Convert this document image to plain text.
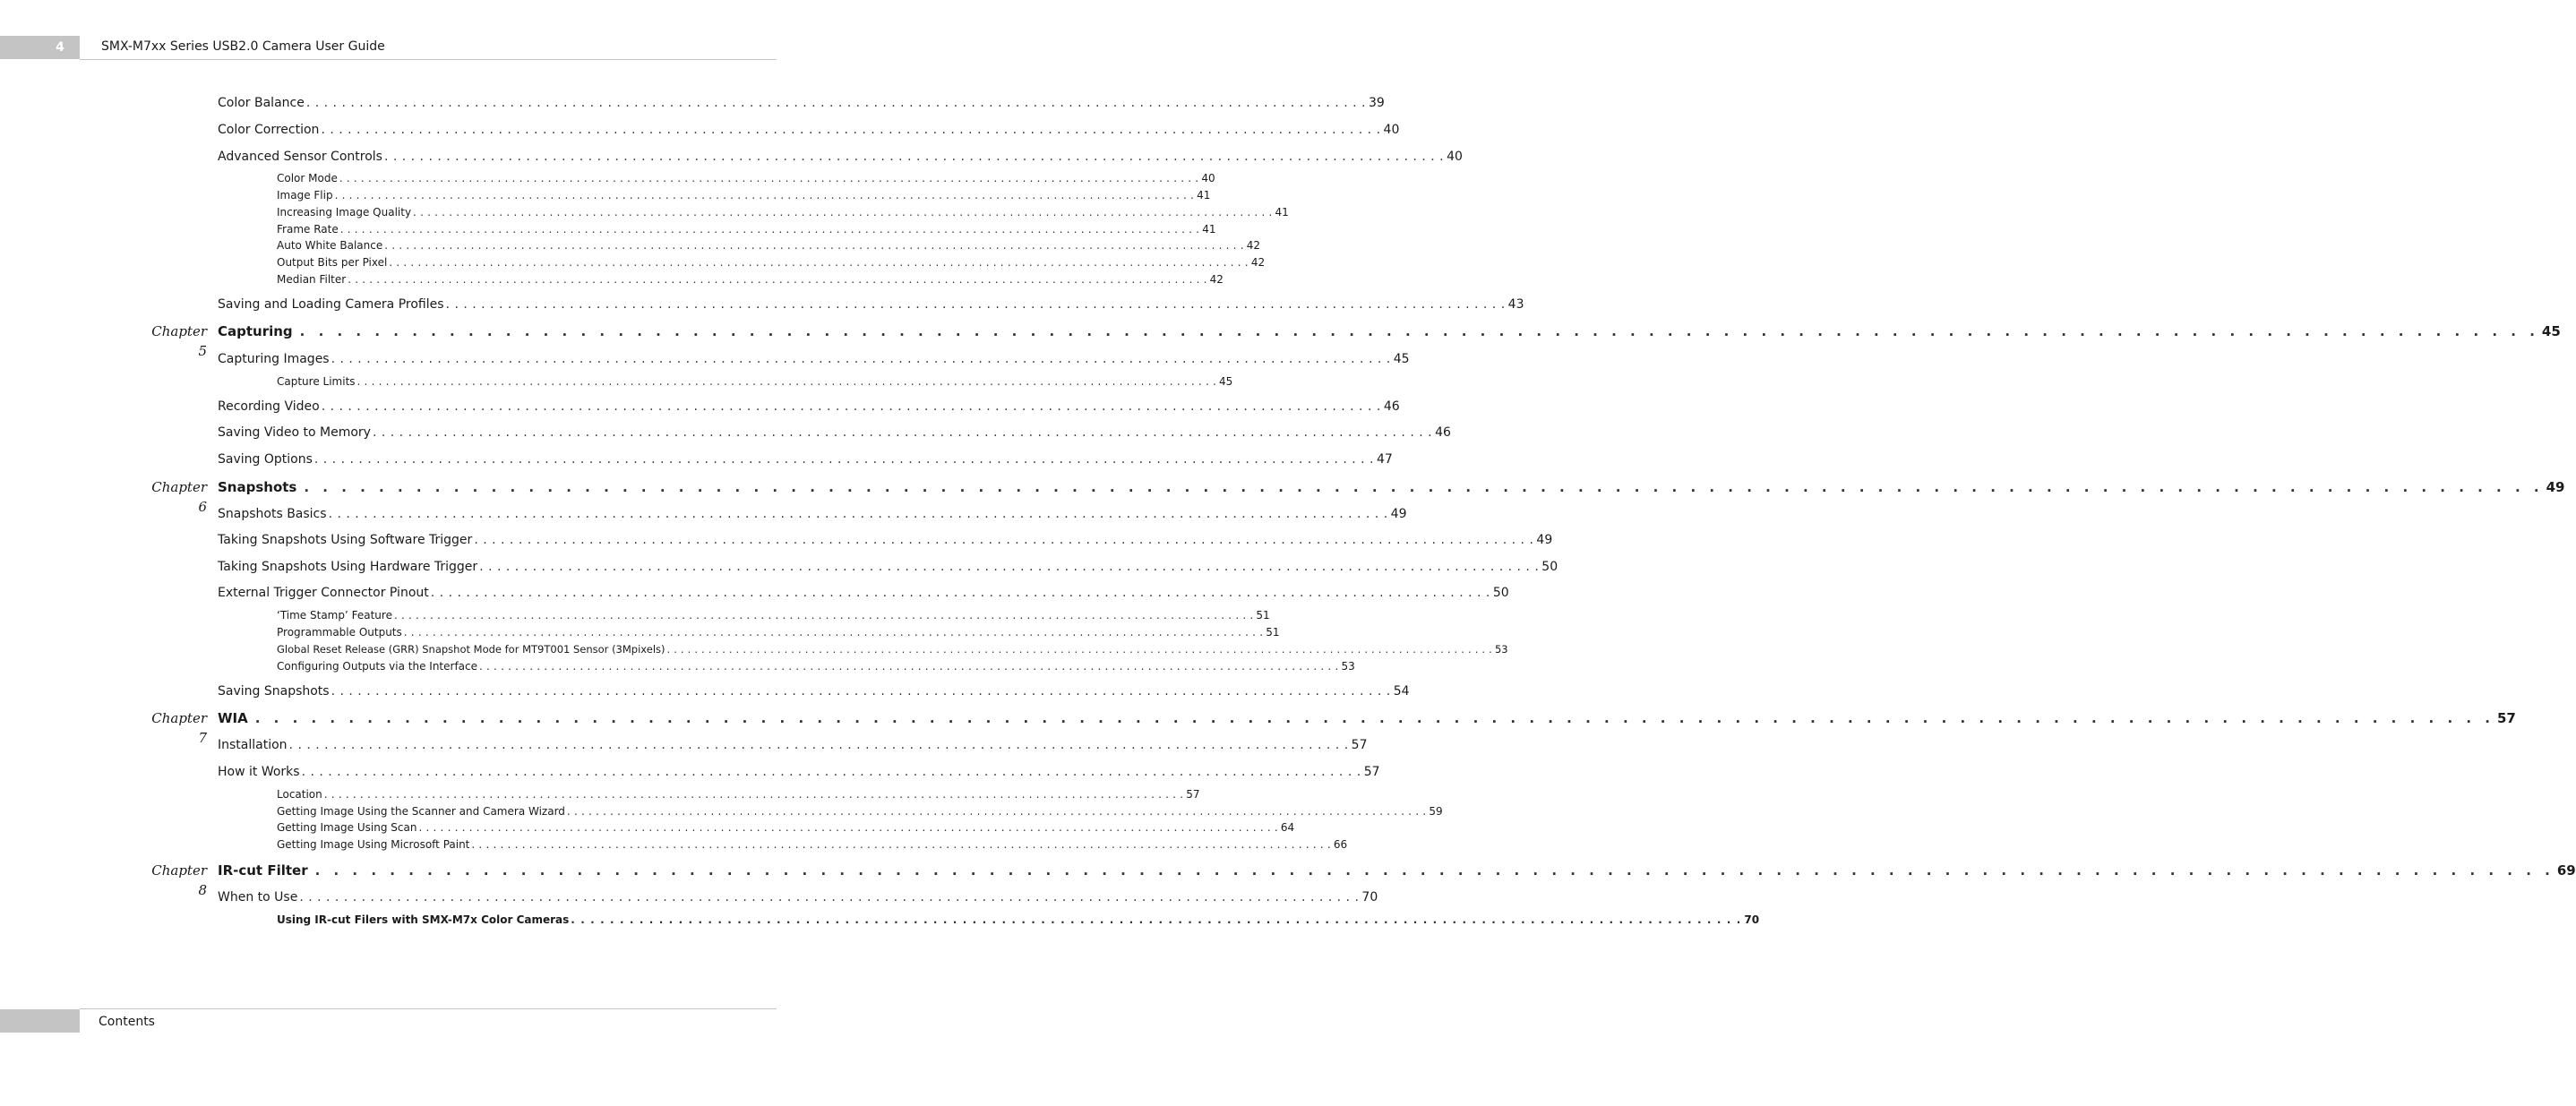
4	SMX-M7xx Series USB2.0 Camera User Guide
Color Balance . . . . . . . . . . . . . . . . . . . . . . . . . . . . . . . . . . . . . . . . . . . . . . . . . . . . . . . . . . . . . . . . . . . . . . . . . . . . . . . . . . . . . . . . . . . . . . . . . . . . . . . . . . . . . . . . . . . . . . . . 39
Color Correction . . . . . . . . . . . . . . . . . . . . . . . . . . . . . . . . . . . . . . . . . . . . . . . . . . . . . . . . . . . . . . . . . . . . . . . . . . . . . . . . . . . . . . . . . . . . . . . . . . . . . . . . . . . . . . . . . . . . . . . . 40
Advanced Sensor Controls . . . . . . . . . . . . . . . . . . . . . . . . . . . . . . . . . . . . . . . . . . . . . . . . . . . . . . . . . . . . . . . . . . . . . . . . . . . . . . . . . . . . . . . . . . . . . . . . . . . . . . . . . . . . . . . . . . . . . . . . 40
Color Mode . . . . . . . . . . . . . . . . . . . . . . . . . . . . . . . . . . . . . . . . . . . . . . . . . . . . . . . . . . . . . . . . . . . . . . . . . . . . . . . . . . . . . . . . . . . . . . . . . . . . . . . . . . . . . . . . . . . . . . . . 40
Image Flip . . . . . . . . . . . . . . . . . . . . . . . . . . . . . . . . . . . . . . . . . . . . . . . . . . . . . . . . . . . . . . . . . . . . . . . . . . . . . . . . . . . . . . . . . . . . . . . . . . . . . . . . . . . . . . . . . . . . . . . . 41
Increasing Image Quality . . . . . . . . . . . . . . . . . . . . . . . . . . . . . . . . . . . . . . . . . . . . . . . . . . . . . . . . . . . . . . . . . . . . . . . . . . . . . . . . . . . . . . . . . . . . . . . . . . . . . . . . . . . . . . . . . . . . . . . . 41
Frame Rate . . . . . . . . . . . . . . . . . . . . . . . . . . . . . . . . . . . . . . . . . . . . . . . . . . . . . . . . . . . . . . . . . . . . . . . . . . . . . . . . . . . . . . . . . . . . . . . . . . . . . . . . . . . . . . . . . . . . . . . . 41
Auto White Balance . . . . . . . . . . . . . . . . . . . . . . . . . . . . . . . . . . . . . . . . . . . . . . . . . . . . . . . . . . . . . . . . . . . . . . . . . . . . . . . . . . . . . . . . . . . . . . . . . . . . . . . . . . . . . . . . . . . . . . . . 42
Output Bits per Pixel . . . . . . . . . . . . . . . . . . . . . . . . . . . . . . . . . . . . . . . . . . . . . . . . . . . . . . . . . . . . . . . . . . . . . . . . . . . . . . . . . . . . . . . . . . . . . . . . . . . . . . . . . . . . . . . . . . . . . . . . 42
Median Filter . . . . . . . . . . . . . . . . . . . . . . . . . . . . . . . . . . . . . . . . . . . . . . . . . . . . . . . . . . . . . . . . . . . . . . . . . . . . . . . . . . . . . . . . . . . . . . . . . . . . . . . . . . . . . . . . . . . . . . . . 42
Saving and Loading Camera Profiles . . . . . . . . . . . . . . . . . . . . . . . . . . . . . . . . . . . . . . . . . . . . . . . . . . . . . . . . . . . . . . . . . . . . . . . . . . . . . . . . . . . . . . . . . . . . . . . . . . . . . . . . . . . . . . . . . . . . . . . . 43
Chapter 5
Capturing . . . . . . . . . . . . . . . . . . . . . . . . . . . . . . . . . . . . . . . . . . . . . . . . . . . . . . . . . . . . . . . . . . . . . . . . . . . . . . . . . . . . . . . . . . . . . . . . . . . . . . . . . . . . . . . . . . . . . . . . 45
Capturing Images . . . . . . . . . . . . . . . . . . . . . . . . . . . . . . . . . . . . . . . . . . . . . . . . . . . . . . . . . . . . . . . . . . . . . . . . . . . . . . . . . . . . . . . . . . . . . . . . . . . . . . . . . . . . . . . . . . . . . . . . 45
Capture Limits . . . . . . . . . . . . . . . . . . . . . . . . . . . . . . . . . . . . . . . . . . . . . . . . . . . . . . . . . . . . . . . . . . . . . . . . . . . . . . . . . . . . . . . . . . . . . . . . . . . . . . . . . . . . . . . . . . . . . . . . 45
Recording Video . . . . . . . . . . . . . . . . . . . . . . . . . . . . . . . . . . . . . . . . . . . . . . . . . . . . . . . . . . . . . . . . . . . . . . . . . . . . . . . . . . . . . . . . . . . . . . . . . . . . . . . . . . . . . . . . . . . . . . . . 46
Saving Video to Memory . . . . . . . . . . . . . . . . . . . . . . . . . . . . . . . . . . . . . . . . . . . . . . . . . . . . . . . . . . . . . . . . . . . . . . . . . . . . . . . . . . . . . . . . . . . . . . . . . . . . . . . . . . . . . . . . . . . . . . . . 46
Saving Options . . . . . . . . . . . . . . . . . . . . . . . . . . . . . . . . . . . . . . . . . . . . . . . . . . . . . . . . . . . . . . . . . . . . . . . . . . . . . . . . . . . . . . . . . . . . . . . . . . . . . . . . . . . . . . . . . . . . . . . . 47
Chapter 6
Snapshots . . . . . . . . . . . . . . . . . . . . . . . . . . . . . . . . . . . . . . . . . . . . . . . . . . . . . . . . . . . . . . . . . . . . . . . . . . . . . . . . . . . . . . . . . . . . . . . . . . . . . . . . . . . . . . . . . . . . . . . . 49
Snapshots Basics . . . . . . . . . . . . . . . . . . . . . . . . . . . . . . . . . . . . . . . . . . . . . . . . . . . . . . . . . . . . . . . . . . . . . . . . . . . . . . . . . . . . . . . . . . . . . . . . . . . . . . . . . . . . . . . . . . . . . . . . 49
Taking Snapshots Using Software Trigger . . . . . . . . . . . . . . . . . . . . . . . . . . . . . . . . . . . . . . . . . . . . . . . . . . . . . . . . . . . . . . . . . . . . . . . . . . . . . . . . . . . . . . . . . . . . . . . . . . . . . . . . . . . . . . . . . . . . . . . . 49
Taking Snapshots Using Hardware Trigger . . . . . . . . . . . . . . . . . . . . . . . . . . . . . . . . . . . . . . . . . . . . . . . . . . . . . . . . . . . . . . . . . . . . . . . . . . . . . . . . . . . . . . . . . . . . . . . . . . . . . . . . . . . . . . . . . . . . . . . . 50
External Trigger Connector Pinout . . . . . . . . . . . . . . . . . . . . . . . . . . . . . . . . . . . . . . . . . . . . . . . . . . . . . . . . . . . . . . . . . . . . . . . . . . . . . . . . . . . . . . . . . . . . . . . . . . . . . . . . . . . . . . . . . . . . . . . . 50
‘Time Stamp’ Feature . . . . . . . . . . . . . . . . . . . . . . . . . . . . . . . . . . . . . . . . . . . . . . . . . . . . . . . . . . . . . . . . . . . . . . . . . . . . . . . . . . . . . . . . . . . . . . . . . . . . . . . . . . . . . . . . . . . . . . . . 51
Programmable Outputs . . . . . . . . . . . . . . . . . . . . . . . . . . . . . . . . . . . . . . . . . . . . . . . . . . . . . . . . . . . . . . . . . . . . . . . . . . . . . . . . . . . . . . . . . . . . . . . . . . . . . . . . . . . . . . . . . . . . . . . . 51
Global Reset Release (GRR) Snapshot Mode for MT9T001 Sensor (3Mpixels) . . . . . . . . . . . . . . . . . . . . . . . . . . . . . . . . . . . . . . . . . . . . . . . . . . . . . . . . . . . . . . . . . . . . . . . . . . . . . . . . . . . . . . . . . . . . . . . . . . . . . . . . . . . . . . . . . . . . . . . . 53
Configuring Outputs via the Interface . . . . . . . . . . . . . . . . . . . . . . . . . . . . . . . . . . . . . . . . . . . . . . . . . . . . . . . . . . . . . . . . . . . . . . . . . . . . . . . . . . . . . . . . . . . . . . . . . . . . . . . . . . . . . . . . . . . . . . . . 53
Saving Snapshots . . . . . . . . . . . . . . . . . . . . . . . . . . . . . . . . . . . . . . . . . . . . . . . . . . . . . . . . . . . . . . . . . . . . . . . . . . . . . . . . . . . . . . . . . . . . . . . . . . . . . . . . . . . . . . . . . . . . . . . . 54
Chapter 7
WIA . . . . . . . . . . . . . . . . . . . . . . . . . . . . . . . . . . . . . . . . . . . . . . . . . . . . . . . . . . . . . . . . . . . . . . . . . . . . . . . . . . . . . . . . . . . . . . . . . . . . . . . . . . . . . . . . . . . . . . . . 57
Installation . . . . . . . . . . . . . . . . . . . . . . . . . . . . . . . . . . . . . . . . . . . . . . . . . . . . . . . . . . . . . . . . . . . . . . . . . . . . . . . . . . . . . . . . . . . . . . . . . . . . . . . . . . . . . . . . . . . . . . . . 57
How it Works . . . . . . . . . . . . . . . . . . . . . . . . . . . . . . . . . . . . . . . . . . . . . . . . . . . . . . . . . . . . . . . . . . . . . . . . . . . . . . . . . . . . . . . . . . . . . . . . . . . . . . . . . . . . . . . . . . . . . . . . 57
Location . . . . . . . . . . . . . . . . . . . . . . . . . . . . . . . . . . . . . . . . . . . . . . . . . . . . . . . . . . . . . . . . . . . . . . . . . . . . . . . . . . . . . . . . . . . . . . . . . . . . . . . . . . . . . . . . . . . . . . . . 57
Getting Image Using the Scanner and Camera Wizard . . . . . . . . . . . . . . . . . . . . . . . . . . . . . . . . . . . . . . . . . . . . . . . . . . . . . . . . . . . . . . . . . . . . . . . . . . . . . . . . . . . . . . . . . . . . . . . . . . . . . . . . . . . . . . . . . . . . . . . . 59
Getting Image Using Scan . . . . . . . . . . . . . . . . . . . . . . . . . . . . . . . . . . . . . . . . . . . . . . . . . . . . . . . . . . . . . . . . . . . . . . . . . . . . . . . . . . . . . . . . . . . . . . . . . . . . . . . . . . . . . . . . . . . . . . . . 64
Getting Image Using Microsoft Paint . . . . . . . . . . . . . . . . . . . . . . . . . . . . . . . . . . . . . . . . . . . . . . . . . . . . . . . . . . . . . . . . . . . . . . . . . . . . . . . . . . . . . . . . . . . . . . . . . . . . . . . . . . . . . . . . . . . . . . . . 66
Chapter 8
IR-cut Filter . . . . . . . . . . . . . . . . . . . . . . . . . . . . . . . . . . . . . . . . . . . . . . . . . . . . . . . . . . . . . . . . . . . . . . . . . . . . . . . . . . . . . . . . . . . . . . . . . . . . . . . . . . . . . . . . . . . . . . . . 69
When to Use . . . . . . . . . . . . . . . . . . . . . . . . . . . . . . . . . . . . . . . . . . . . . . . . . . . . . . . . . . . . . . . . . . . . . . . . . . . . . . . . . . . . . . . . . . . . . . . . . . . . . . . . . . . . . . . . . . . . . . . . 70
Using IR-cut Filers with SMX-M7x Color Cameras . . . . . . . . . . . . . . . . . . . . . . . . . . . . . . . . . . . . . . . . . . . . . . . . . . . . . . . . . . . . . . . . . . . . . . . . . . . . . . . . . . . . . . . . . . . . . . . . . . . . . . . . . . . . . . . . . . . . . . . . 70
Contents
